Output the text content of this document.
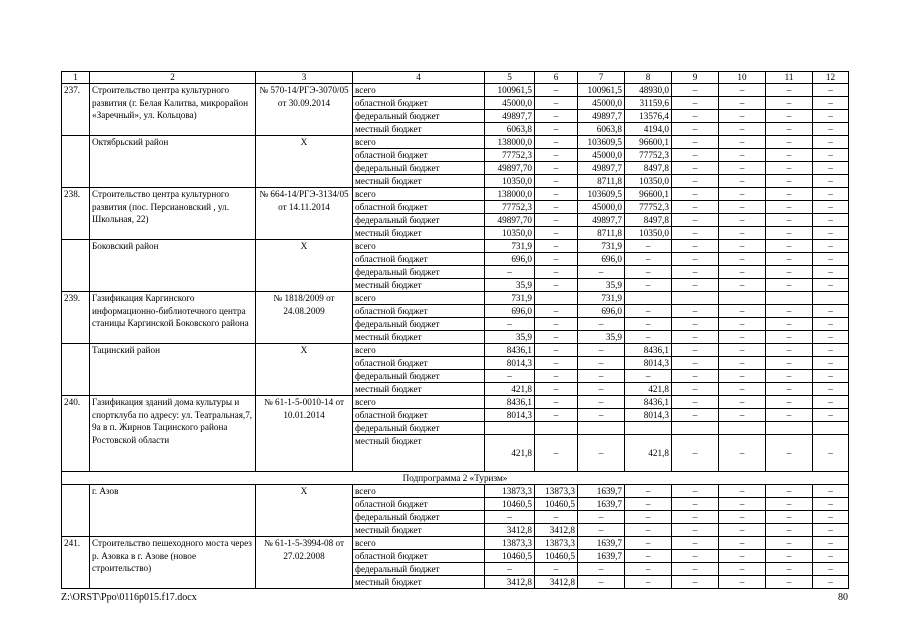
1	2	3	4	5	6	7	8	9	10	11	12
237.	Строительство центра культурного развития (г. Белая Калитва, микрорайон «Заречный», ул. Кольцова)	№ 570-14/РГЭ-3070/05 от 30.09.2014	всего	100961,5	–	100961,5	48930,0	–	–	–	–
			областной бюджет	45000,0	–	45000,0	31159,6	–	–	–	–
			федеральный бюджет	49897,7	–	49897,7	13576,4	–	–	–	–
			местный бюджет	6063,8	–	6063,8	4194,0	–	–	–	–
	Октябрьский район	Х	всего	138000,0	–	103609,5	96600,1	–	–	–	–
			областной бюджет	77752,3	–	45000,0	77752,3	–	–	–	–
			федеральный бюджет	49897,70	–	49897,7	8497,8	–	–	–	–
			местный бюджет	10350,0	–	8711,8	10350,0	–	–	–	–
238.	Строительство центра культурного развития (пос. Персиановский , ул. Школьная, 22)	№ 664-14/РГЭ-3134/05 от 14.11.2014	всего	138000,0	–	103609,5	96600,1	–	–	–	–
			областной бюджет	77752,3	–	45000,0	77752,3	–	–	–	–
			федеральный бюджет	49897,70	–	49897,7	8497,8	–	–	–	–
			местный бюджет	10350,0	–	8711,8	10350,0	–	–	–	–
	Боковский район	Х	всего	731,9	–	731,9	–	–	–	–	–
			областной бюджет	696,0	–	696,0	–	–	–	–	–
			федеральный бюджет	–	–	–	–	–	–	–	–
			местный бюджет	35,9	–	35,9	–	–	–	–	–
239.	Газификация Каргинского информационно-библиотечного центра станицы Каргинской Боковского района	№ 1818/2009 от 24.08.2009	всего	731,9		731,9					
			областной бюджет	696,0	–	696,0	–	–	–	–	–
			федеральный бюджет	–	–	–	–	–	–	–	–
			местный бюджет	35,9	–	35,9	–	–	–	–	–
	Тацинский район	Х	всего	8436,1	–	–	8436,1	–	–	–	–
			областной бюджет	8014,3	–	–	8014,3	–	–	–	–
			федеральный бюджет	–	–	–	–	–	–	–	–
			местный бюджет	421,8	–	–	421,8	–	–	–	–
240.	Газификация зданий дома культуры и спортклуба по адресу: ул. Театральная,7, 9а в п. Жирнов Тацинского района Ростовской области	№ 61-1-5-0010-14 от 10.01.2014	всего	8436,1	–	–	8436,1	–	–	–	–
			областной бюджет	8014,3	–	–	8014,3	–	–	–	–
			федеральный бюджет								
			местный бюджет	421,8	–	–	421,8	–	–	–	–
Подпрограмма 2 «Туризм»											
	г. Азов	Х	всего	13873,3	13873,3	1639,7	–	–	–	–	–
			областной бюджет	10460,5	10460,5	1639,7	–	–	–	–	–
			федеральный бюджет	–	–	–	–	–	–	–	–
			местный бюджет	3412,8	3412,8	–	–	–	–	–	–
241.	Строительство пешеходного моста через р. Азовка в г. Азове (новое строительство)	№ 61-1-5-3994-08 от 27.02.2008	всего	13873,3	13873,3	1639,7	–	–	–	–	–
			областной бюджет	10460,5	10460,5	1639,7	–	–	–	–	–
			федеральный бюджет	–	–	–	–	–	–	–	–
			местный бюджет	3412,8	3412,8	–	–	–	–	–	–
Z:\ORST\Ppo\0116p015.f17.docx	80
